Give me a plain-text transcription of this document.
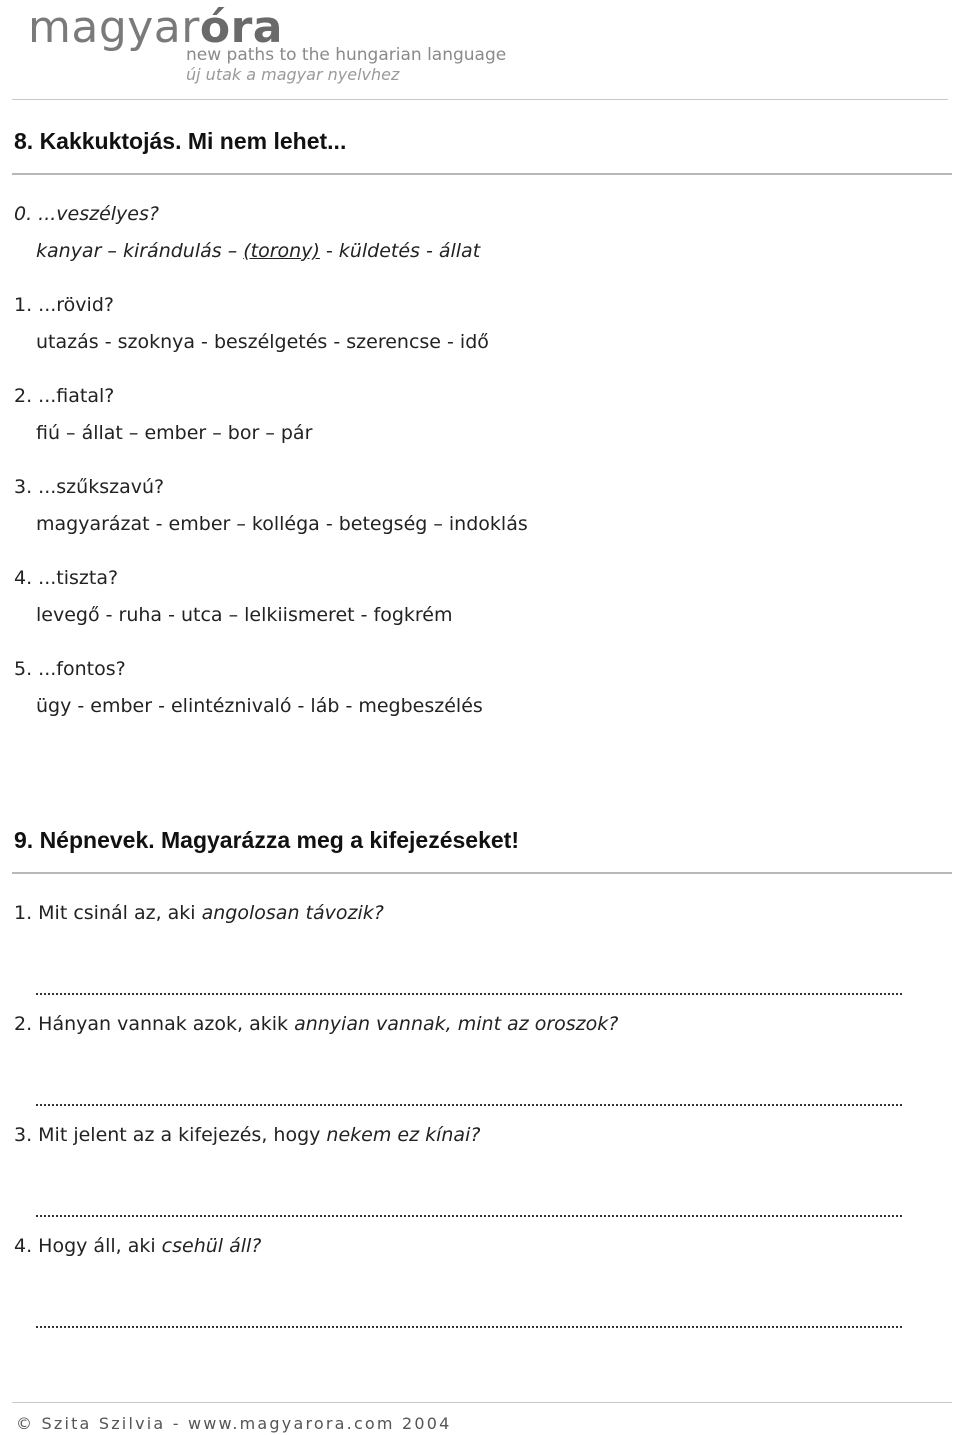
magyaróra
new paths to the hungarian language
új utak a magyar nyelvhez
8. Kakkuktojás. Mi nem lehet...
0. ...veszélyes?
kanyar – kirándulás – (torony) - küldetés - állat
1. ...rövid?
utazás - szoknya - beszélgetés - szerencse - idő
2. ...fiatal?
fiú – állat – ember – bor – pár
3. ...szűkszavú?
magyarázat - ember – kolléga - betegség – indoklás
4. ...tiszta?
levegő - ruha - utca – lelkiismeret - fogkrém
5. ...fontos?
ügy - ember - elintéznivaló - láb - megbeszélés
9. Népnevek. Magyarázza meg a kifejezéseket!
1. Mit csinál az, aki angolosan távozik?
2. Hányan vannak azok, akik annyian vannak, mint az oroszok?
3. Mit jelent az a kifejezés, hogy nekem ez kínai?
4. Hogy áll, aki csehül áll?
© Szita Szilvia - www.magyarora.com 2004
